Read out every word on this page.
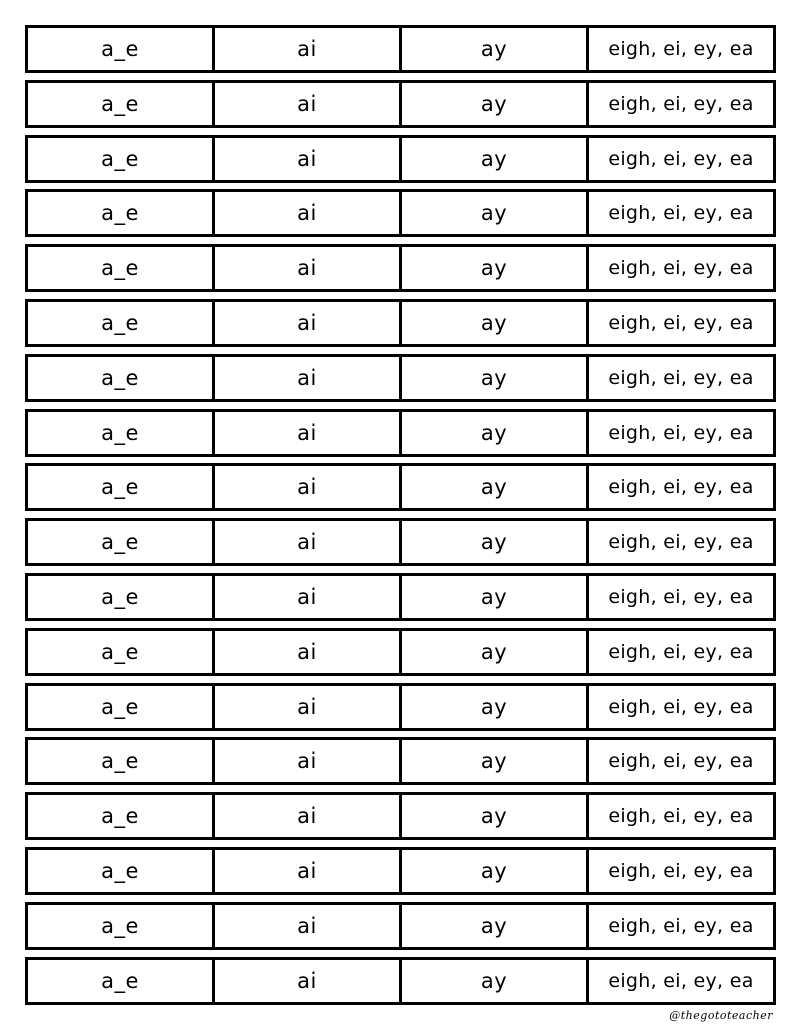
a_e	ai	ay	eigh, ei, ey, ea
a_e	ai	ay	eigh, ei, ey, ea
a_e	ai	ay	eigh, ei, ey, ea
a_e	ai	ay	eigh, ei, ey, ea
a_e	ai	ay	eigh, ei, ey, ea
a_e	ai	ay	eigh, ei, ey, ea
a_e	ai	ay	eigh, ei, ey, ea
a_e	ai	ay	eigh, ei, ey, ea
a_e	ai	ay	eigh, ei, ey, ea
a_e	ai	ay	eigh, ei, ey, ea
a_e	ai	ay	eigh, ei, ey, ea
a_e	ai	ay	eigh, ei, ey, ea
a_e	ai	ay	eigh, ei, ey, ea
a_e	ai	ay	eigh, ei, ey, ea
a_e	ai	ay	eigh, ei, ey, ea
a_e	ai	ay	eigh, ei, ey, ea
a_e	ai	ay	eigh, ei, ey, ea
a_e	ai	ay	eigh, ei, ey, ea
@thegototeacher
